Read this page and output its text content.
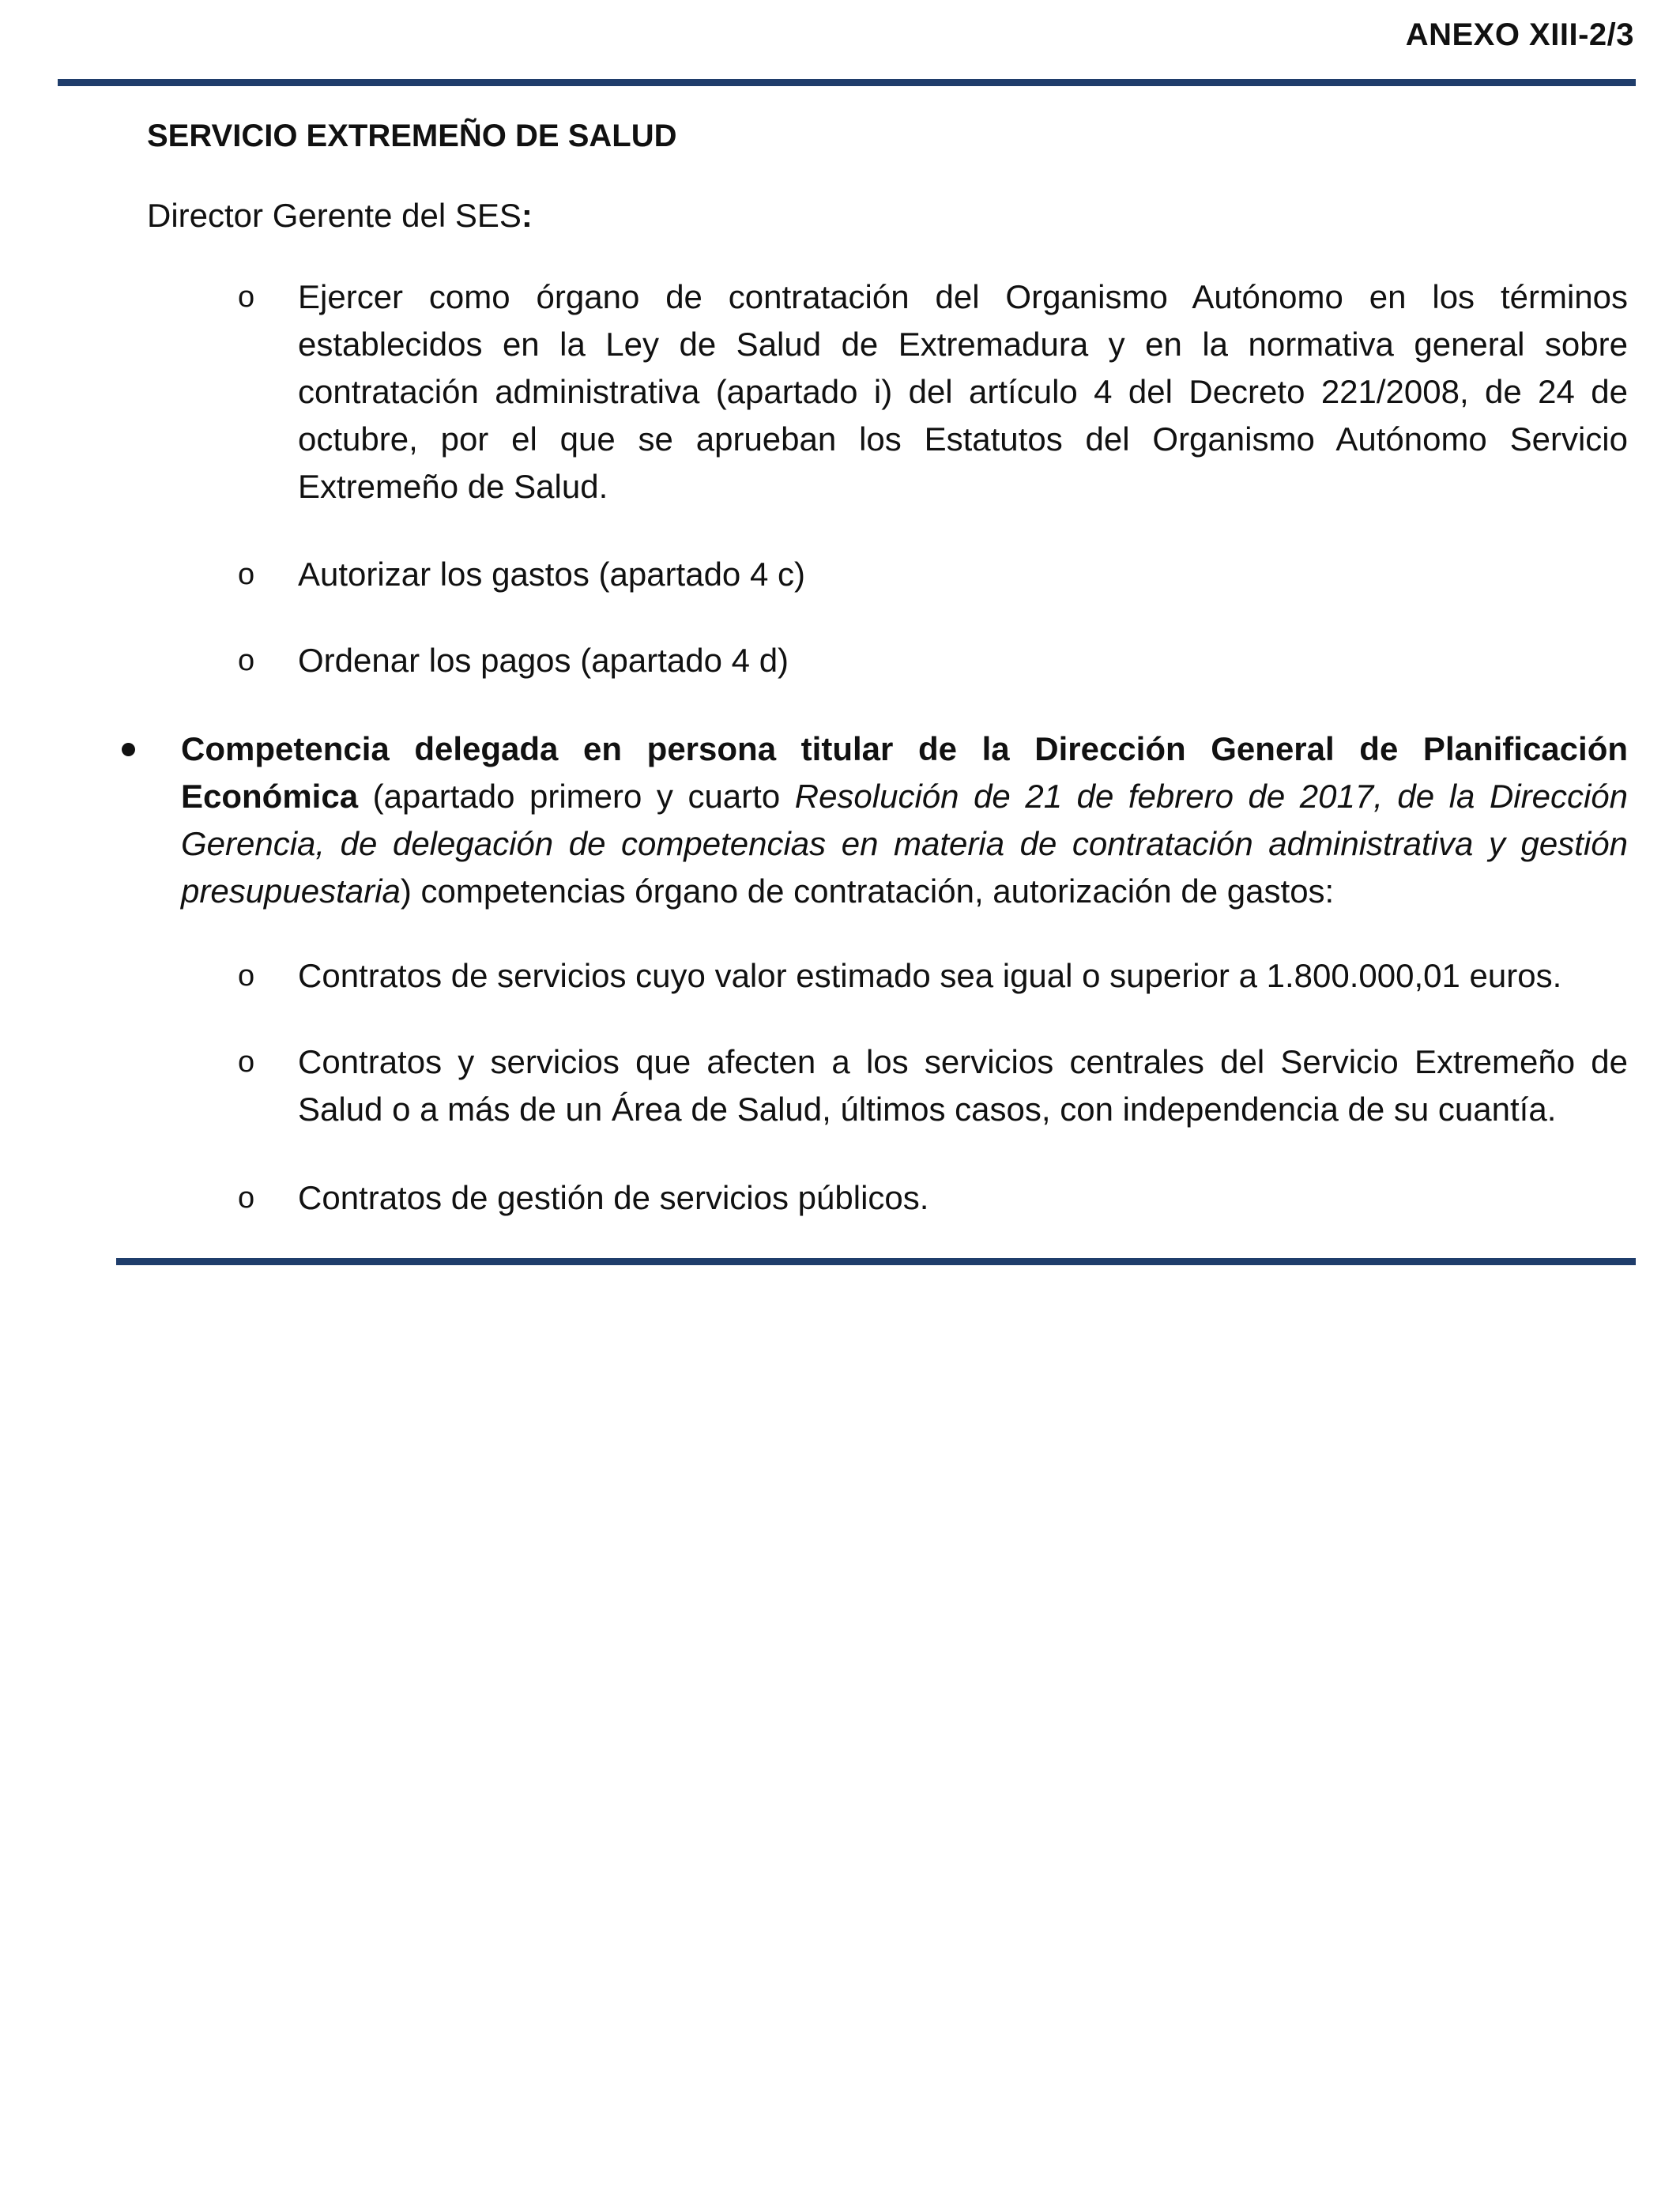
ANEXO XIII-2/3
SERVICIO EXTREMEÑO DE SALUD
Director Gerente del SES:
o Ejercer como órgano de contratación del Organismo Autónomo en los términos establecidos en la Ley de Salud de Extremadura y en la normativa general sobre contratación administrativa (apartado i) del artículo 4 del Decreto 221/2008, de 24 de octubre, por el que se aprueban los Estatutos del Organismo Autónomo Servicio Extremeño de Salud.
o Autorizar los gastos (apartado 4 c)
o Ordenar los pagos (apartado 4 d)
Competencia delegada en persona titular de la Dirección General de Planificación Económica (apartado primero y cuarto Resolución de 21 de febrero de 2017, de la Dirección Gerencia, de delegación de competencias en materia de contratación administrativa y gestión presupuestaria) competencias órgano de contratación, autorización de gastos:
o Contratos de servicios cuyo valor estimado sea igual o superior a 1.800.000,01 euros.
o Contratos y servicios que afecten a los servicios centrales del Servicio Extremeño de Salud o a más de un Área de Salud, últimos casos, con independencia de su cuantía.
o Contratos de gestión de servicios públicos.
